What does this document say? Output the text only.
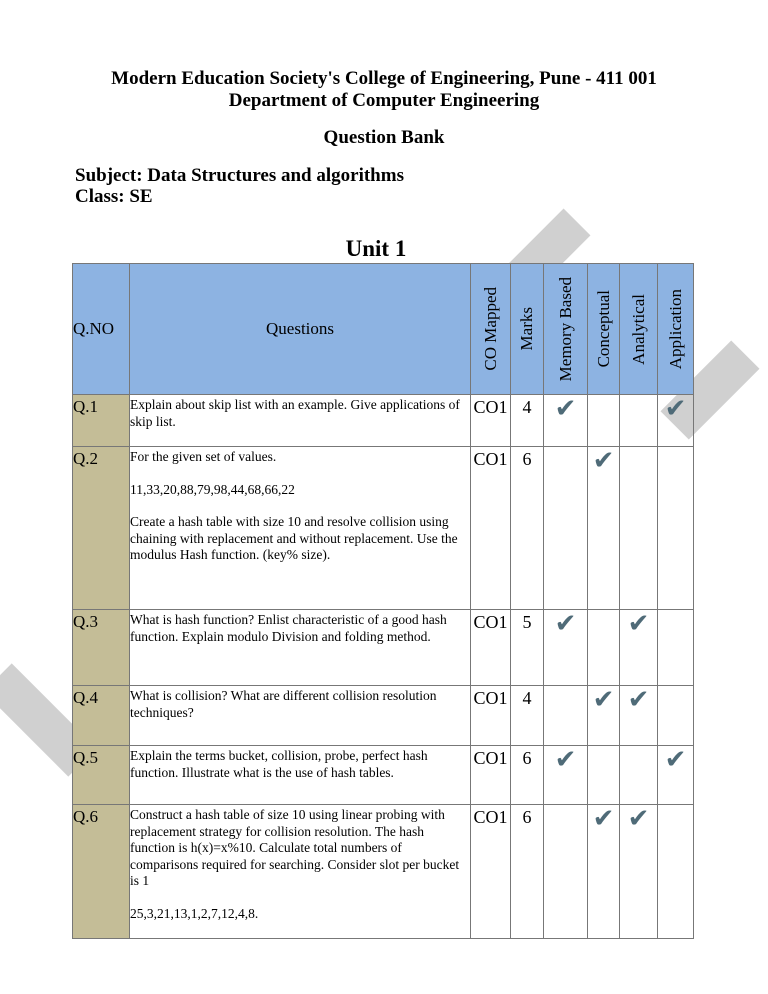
Modern Education Society's College of Engineering, Pune - 411 001
Department of Computer Engineering
Question Bank
Subject: Data Structures and algorithms
Class: SE
Unit 1
Q.NO	Questions	CO Mapped	Marks	Memory Based	Conceptual	Analytical	Application

Q.1	Explain about skip list with an example. Give applications of skip list.	CO1	4	✔			✔
Q.2	For the given set of values.

11,33,20,88,79,98,44,68,66,22

Create a hash table with size 10 and resolve collision using chaining with replacement and without replacement. Use the modulus Hash function. (key% size).	CO1	6		✔		
Q.3	What is hash function? Enlist characteristic of a good hash function. Explain modulo Division and folding method.	CO1	5	✔		✔	
Q.4	What is collision? What are different collision resolution techniques?	CO1	4		✔	✔	
Q.5	Explain the terms bucket, collision, probe, perfect hash function. Illustrate what is the use of hash tables.	CO1	6	✔			✔
Q.6	Construct a hash table of size 10 using linear probing with replacement strategy for collision resolution. The hash function is h(x)=x%10. Calculate total numbers of comparisons required for searching. Consider slot per bucket is 1

25,3,21,13,1,2,7,12,4,8.	CO1	6		✔	✔	
